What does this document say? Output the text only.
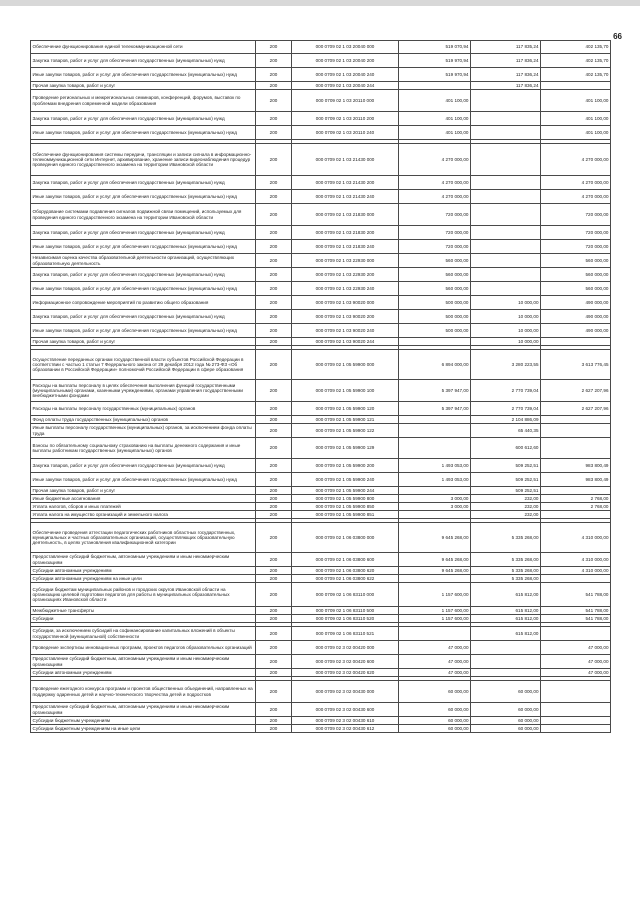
66
Обеспечение функционирования единой телекоммуникационной сети	200	000 0709 02 1 03 20040 000	519 070,94	117 835,24	402 135,70
Закупка товаров, работ и услуг для обеспечения государственных (муниципальных) нужд	200	000 0709 02 1 03 20040 200	519 970,94	117 836,24	402 135,70
Иные закупки товаров, работ и услуг для обеспечения государственных (муниципальных) нужд	200	000 0709 02 1 03 20040 240	519 970,94	117 836,24	402 135,70
Прочая закупка товаров, работ и услуг	200	000 0709 02 1 03 20040 244		117 836,24	
Проведение региональных и межрегиональных семинаров, конференций, форумов, выставок по проблемам внедрения современной модели образования	200	000 0709 02 1 03 20110 000	401 100,00		401 100,00
Закупка товаров, работ и услуг для обеспечения государственных (муниципальных) нужд	200	000 0709 02 1 03 20110 200	401 100,00		401 100,00
Иные закупки товаров, работ и услуг для обеспечения государственных (муниципальных) нужд	200	000 0709 02 1 03 20110 240	401 100,00		401 100,00

Обеспечение функционирования системы передачи, трансляции и записи сигнала в информационно-телекоммуникационной сети Интернет, архивирование, хранение записи видеонаблюдения процедур проведения единого государственного экзамена на территории Ивановской области	200	000 0709 02 1 03 21430 000	4 270 000,00		4 270 000,00
Закупка товаров, работ и услуг для обеспечения государственных (муниципальных) нужд	200	000 0709 02 1 03 21430 200	4 270 000,00		4 270 000,00
Иные закупки товаров, работ и услуг для обеспечения государственных (муниципальных) нужд	200	000 0709 02 1 03 21430 240	4 270 000,00		4 270 000,00
Оборудование системами подавления сигналов подвижной связи помещений, используемых для проведения единого государственного экзамена на территории Ивановской области	200	000 0709 02 1 03 21830 000	720 000,00		720 000,00
Закупка товаров, работ и услуг для обеспечения государственных (муниципальных) нужд	200	000 0709 02 1 03 21830 200	720 000,00		720 000,00
Иные закупки товаров, работ и услуг для обеспечения государственных (муниципальных) нужд	200	000 0709 02 1 03 21830 240	720 000,00		720 000,00
Независимая оценка качества образовательной деятельности организаций, осуществляющих образовательную деятельность	200	000 0709 02 1 03 22930 000	560 000,00		560 000,00
Закупка товаров, работ и услуг для обеспечения государственных (муниципальных) нужд	200	000 0709 02 1 03 22930 200	560 000,00		560 000,00
Иные закупки товаров, работ и услуг для обеспечения государственных (муниципальных) нужд	200	000 0709 02 1 03 22930 240	560 000,00		560 000,00
Информационное сопровождение мероприятий по развитию общего образования	200	000 0709 02 1 03 90020 000	500 000,00	10 000,00	490 000,00
Закупка товаров, работ и услуг для обеспечения государственных (муниципальных) нужд	200	000 0709 02 1 03 90020 200	500 000,00	10 000,00	490 000,00
Иные закупки товаров, работ и услуг для обеспечения государственных (муниципальных) нужд	200	000 0709 02 1 03 90020 240	500 000,00	10 000,00	490 000,00
Прочая закупка товаров, работ и услуг	200	000 0709 02 1 03 90020 244		10 000,00	

Осуществление переданных органам государственной власти субъектов Российской Федерации в соответствии с частью 1 статьи 7 Федерального закона от 29 декабря 2012 года № 273-ФЗ «Об образовании в Российской Федерации» полномочий Российской Федерации в сфере образования	200	000 0709 02 1 05 59900 000	6 894 000,00	3 280 223,55	3 613 776,45
Расходы на выплаты персоналу в целях обеспечения выполнения функций государственными (муниципальными) органами, казенными учреждениями, органами управления государственными внебюджетными фондами	200	000 0709 02 1 05 59900 100	5 397 947,00	2 770 739,04	2 627 207,96
Расходы на выплаты персоналу государственных (муниципальных) органов	200	000 0709 02 1 05 59900 120	5 397 947,00	2 770 739,04	2 627 207,96
Фонд оплаты труда государственных (муниципальных) органов	200	000 0709 02 1 05 59900 121		2 104 886,09	
Иные выплаты персоналу государственных (муниципальных) органов, за исключением фонда оплаты труда	200	000 0709 02 1 05 59900 122		65 440,35	
Взносы по обязательному социальному страхованию на выплаты денежного содержания и иные выплаты работникам государственных (муниципальных) органов	200	000 0709 02 1 05 59900 129		600 612,60	
Закупка товаров, работ и услуг для обеспечения государственных (муниципальных) нужд	200	000 0709 02 1 05 59900 200	1 493 053,00	509 252,51	983 800,49
Иные закупки товаров, работ и услуг для обеспечения государственных (муниципальных) нужд	200	000 0709 02 1 05 59900 240	1 493 053,00	509 252,51	983 800,49
Прочая закупка товаров, работ и услуг	200	000 0709 02 1 05 59900 244		509 252,51	
Иные бюджетные ассигнования	200	000 0709 02 1 05 59900 800	3 000,00	232,00	2 768,00
Уплата налогов, сборов и иных платежей	200	000 0709 02 1 05 59900 850	3 000,00	232,00	2 768,00
Уплата налога на имущество организаций и земельного налога	200	000 0709 02 1 05 59900 851		232,00	

Обеспечение проведения аттестации педагогических работников областных государственных, муниципальных и частных образовательных организаций, осуществляющих образовательную деятельность, в целях установления квалификационной категории	200	000 0709 02 1 06 03800 000	9 645 268,00	5 335 268,00	4 310 000,00
Предоставление субсидий бюджетным, автономным учреждениям и иным некоммерческим организациям	200	000 0709 02 1 06 03800 600	9 645 268,00	5 335 268,00	4 310 000,00
Субсидии автономным учреждениям	200	000 0709 02 1 06 03800 620	9 645 268,00	5 335 268,00	4 310 000,00
Субсидии автономным учреждениям на иные цели	200	000 0709 02 1 06 03800 622		5 335 268,00	
Субсидии бюджетам муниципальных районов и городских округов Ивановской области на организацию целевой подготовки педагогов для работы в муниципальных образовательных организациях Ивановской области	200	000 0709 02 1 06 83110 000	1 157 600,00	615 812,00	541 788,00
Межбюджетные трансферты	200	000 0709 02 1 06 83110 500	1 157 600,00	615 812,00	541 788,00
Субсидии	200	000 0709 02 1 06 83110 520	1 157 600,00	615 812,00	541 788,00

Субсидии, за исключением субсидий на софинансирование капитальных вложений в объекты государственной (муниципальной) собственности	200	000 0709 02 1 06 83110 521		615 812,00	
Проведение экспертизы инновационных программ, проектов педагогов образовательных организаций	200	000 0709 02 3 02 00420 000	47 000,00		47 000,00
Предоставление субсидий бюджетным, автономным учреждениям и иным некоммерческим организациям	200	000 0709 02 3 02 00420 600	47 000,00		47 000,00
Субсидии автономным учреждениям	200	000 0709 02 3 02 00420 620	47 000,00		47 000,00

Проведение ежегодного конкурса программ и проектов общественных объединений, направленных на поддержку одаренных детей и научно-технического творчества детей и подростков	200	000 0709 02 3 02 00430 000	60 000,00	60 000,00	
Предоставление субсидий бюджетным, автономным учреждениям и иным некоммерческим организациям	200	000 0709 02 3 02 00430 600	60 000,00	60 000,00	
Субсидии бюджетным учреждениям	200	000 0709 02 3 02 00430 610	60 000,00	60 000,00	
Субсидии бюджетным учреждениям на иные цели	200	000 0709 02 3 02 00430 612	60 000,00	60 000,00	
